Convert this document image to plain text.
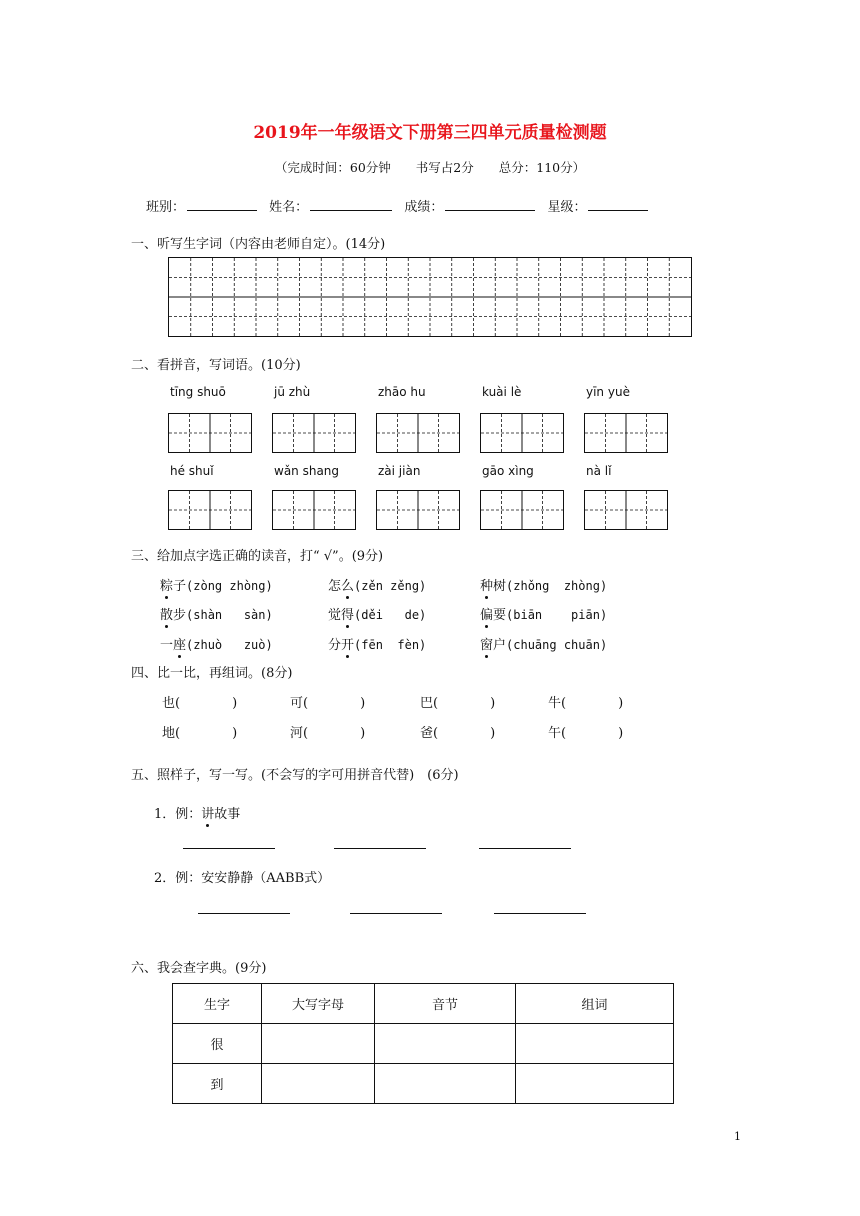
2019年一年级语文下册第三四单元质量检测题
（完成时间：60分钟　　书写占2分　　总分：110分）
班别：	姓名：	成绩：	星级：
一、听写生字词（内容由老师自定）。(14分)
二、看拼音，写词语。(10分)
tīng shuō	jū zhù	zhāo hu	kuài lè	yīn yuè
hé shuǐ	wǎn shang	zài jiàn	gāo xìng	nà lǐ
三、给加点字选正确的读音，打“ √”。(9分)
粽子(zòng zhòng)	怎么(zěn zěng)	种树(zhǒng  zhòng)
散步(shàn   sàn)	觉得(děi   de)	偏要(biān    piān)
一座(zhuò   zuò)	分开(fēn  fèn)	窗户(chuāng chuān)
四、比一比，再组词。(8分)
也(　　　　)	可(　　　　)	巴(　　　　)	牛(　　　　)
地(　　　　)	河(　　　　)	爸(　　　　)	午(　　　　)
五、照样子，写一写。(不会写的字可用拼音代替)　(6分)
1．例：讲故事
2．例：安安静静（AABB式）
六、我会查字典。(9分)
生字	大写字母	音节	组词
很			
到			
1
